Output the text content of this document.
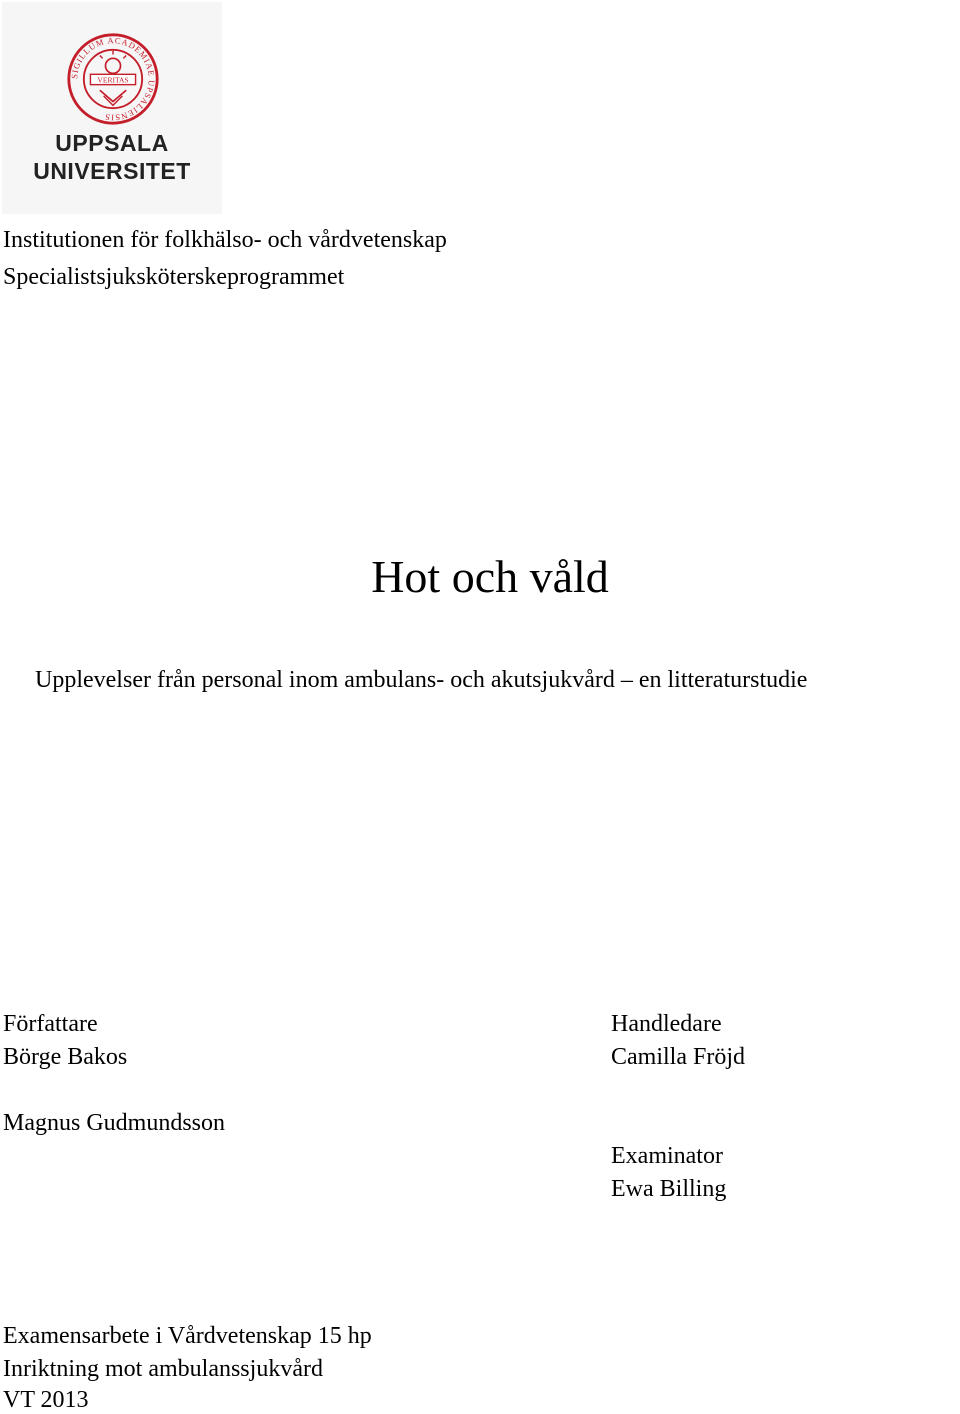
SIGILLUM ACADEMIAE UPSALIENSIS
VERITAS
UPPSALA
UNIVERSITET
Institutionen för folkhälso- och vårdvetenskap
Specialistsjuksköterskeprogrammet
Hot och våld
Upplevelser från personal inom ambulans- och akutsjukvård – en litteraturstudie
Författare
Börge Bakos
Magnus Gudmundsson
Handledare
Camilla Fröjd
Examinator
Ewa Billing
Examensarbete i Vårdvetenskap 15 hp
Inriktning mot ambulanssjukvård
VT 2013
